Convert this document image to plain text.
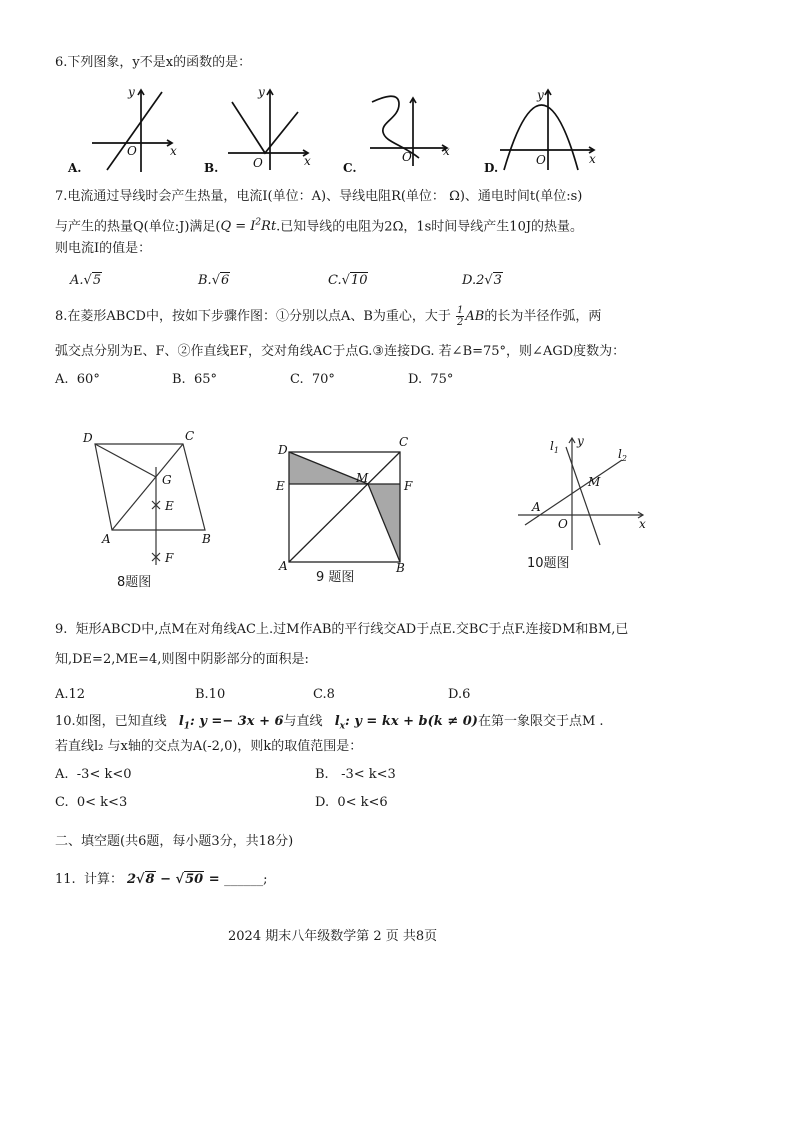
6.下列图象，y不是x的函数的是：
y
O	x
A.
y
O	x
B.
O	x
C.
y
O	x
D.
7.电流通过导线时会产生热量，电流I(单位：A)、导线电阻R(单位： Ω)、通电时间t(单位:s)
与产生的热量Q(单位:J)满足($Q = I^2Rt$.已知导线的电阻为2Ω，1s时间导线产生10J的热量。
则电流Ⅰ的值是：
A.√5	B.√6	C.√10	D.2√3
8.在菱形ABCD中，按如下步骤作图：①分别以点A、B为重心，大于 $\frac{1}{2}$ AB的长为半径作弧，两
弧交点分别为E、F、②作直线EF，交对角线AC于点G.③连接DG. 若∠B=75°，则∠AGD度数为：
A.  60°	B.  65°	C.  70°	D.  75°
D	C
G
E
A	B
F
8题图
D
C
M
E	F
A	B
9 题图
$l_1$
y
$l_2$
M
A
O	x
10题图
9.  矩形ABCD中,点M在对角线AC上.过M作AB的平行线交AD于点E.交BC于点F.连接DM和BM,已
知,DE=2,ME=4,则图中阴影部分的面积是:
A.12	B.10	C.8	D.6
10.如图，已知直线 $l_1$: y =− 3x + 6与直线 $l_x$: y = kx + b(k ≠ 0)在第一象限交于点M .
若直线l₂ 与x轴的交点为A(-2,0)，则k的取值范围是：
A.  -3< k<0	B.   -3< k<3
C.  0< k<3	D.  0< k<6
二、填空题(共6题，每小题3分，共18分)
11.  计算： 2√8 − √50 = ______;
2024 期末八年级数学第 2 页 共8页
